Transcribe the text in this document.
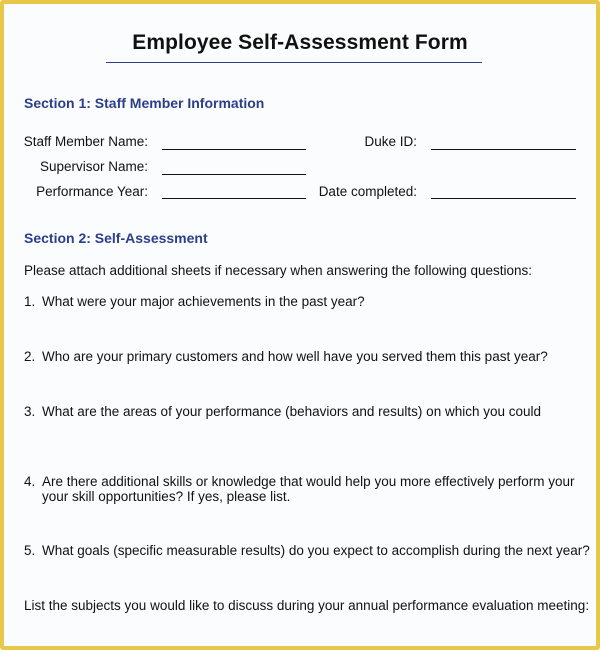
Employee Self-Assessment Form
Section 1: Staff Member Information
Staff Member Name:
Supervisor Name:
Performance Year:
Duke ID:
Date completed:
Section 2: Self-Assessment
Please attach additional sheets if necessary when answering the following questions:
1. What were your major achievements in the past year?
2. Who are your primary customers and how well have you served them this past year?
3. What are the areas of your performance (behaviors and results) on which you could
4. Are there additional skills or knowledge that would help you more effectively perform your
your skill opportunities? If yes, please list.
5. What goals (specific measurable results) do you expect to accomplish during the next year?
List the subjects you would like to discuss during your annual performance evaluation meeting:
